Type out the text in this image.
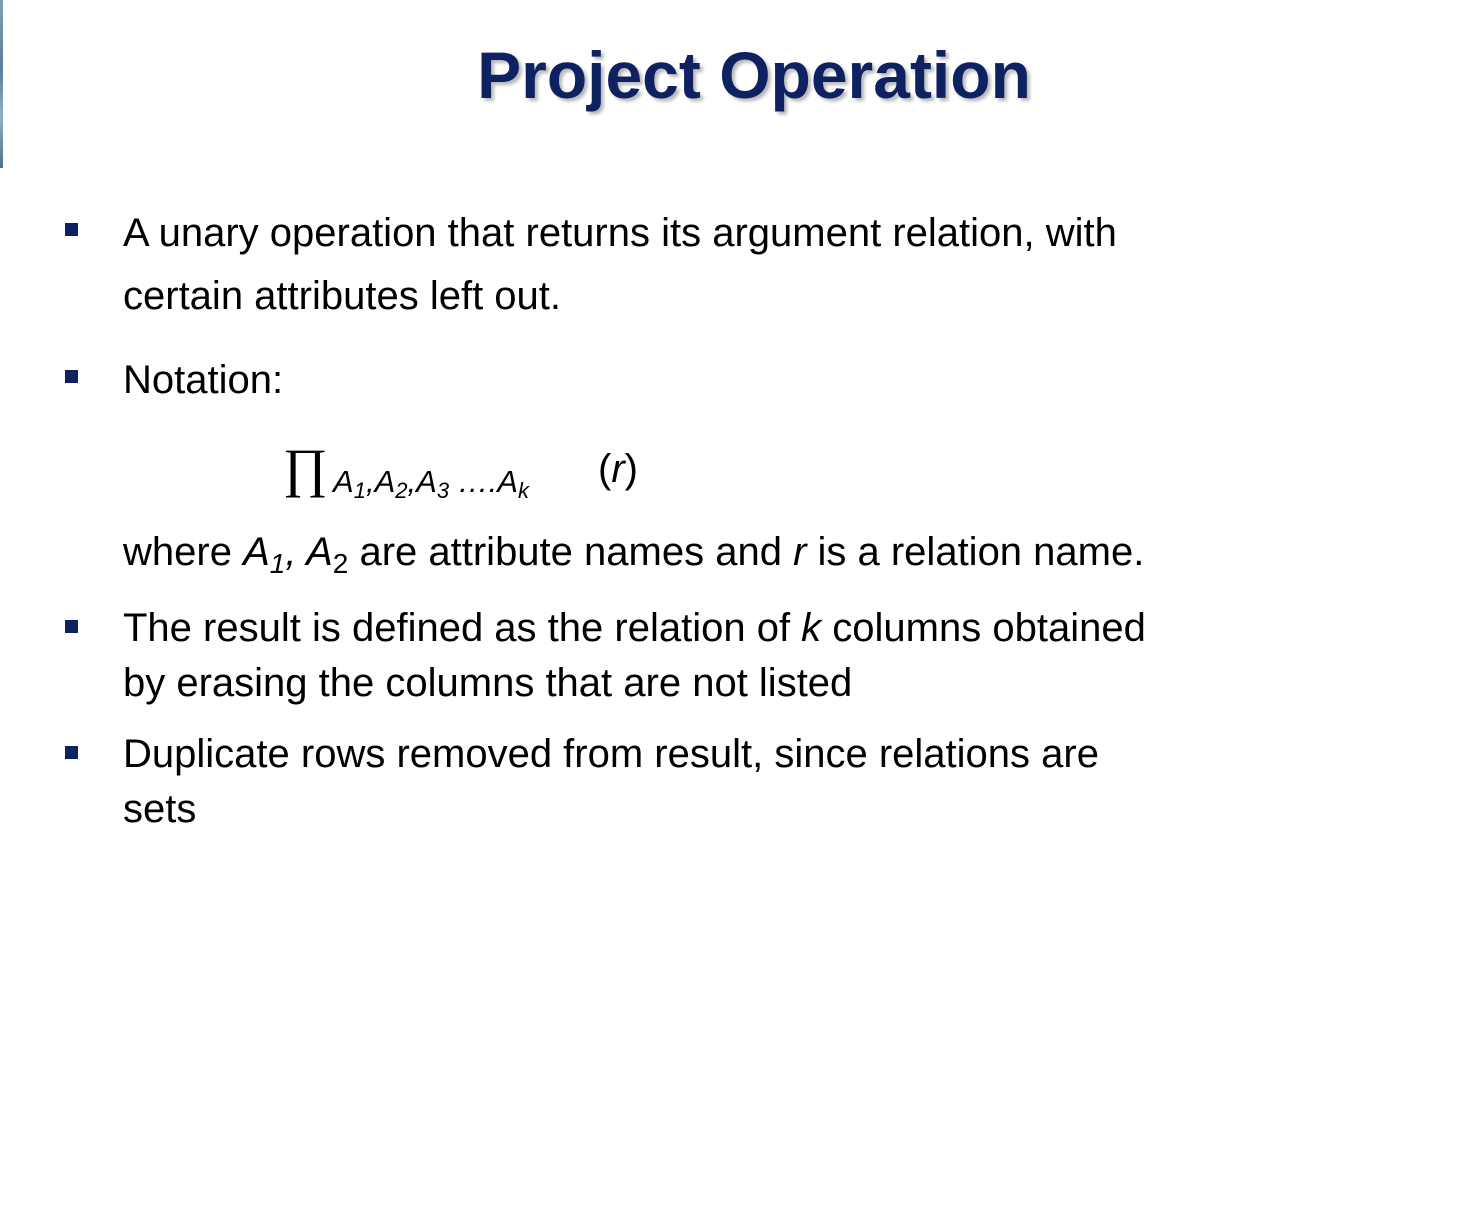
Project Operation

A unary operation that returns its argument relation, with
certain attributes left out.

Notation:

∏ $A_1,A_2,A_3$ $\dots.A_k$ (r)

where $A_1$, $A_2$ are attribute names and r is a relation name.

The result is defined as the relation of k columns obtained
by erasing the columns that are not listed

Duplicate rows removed from result, since relations are
sets
